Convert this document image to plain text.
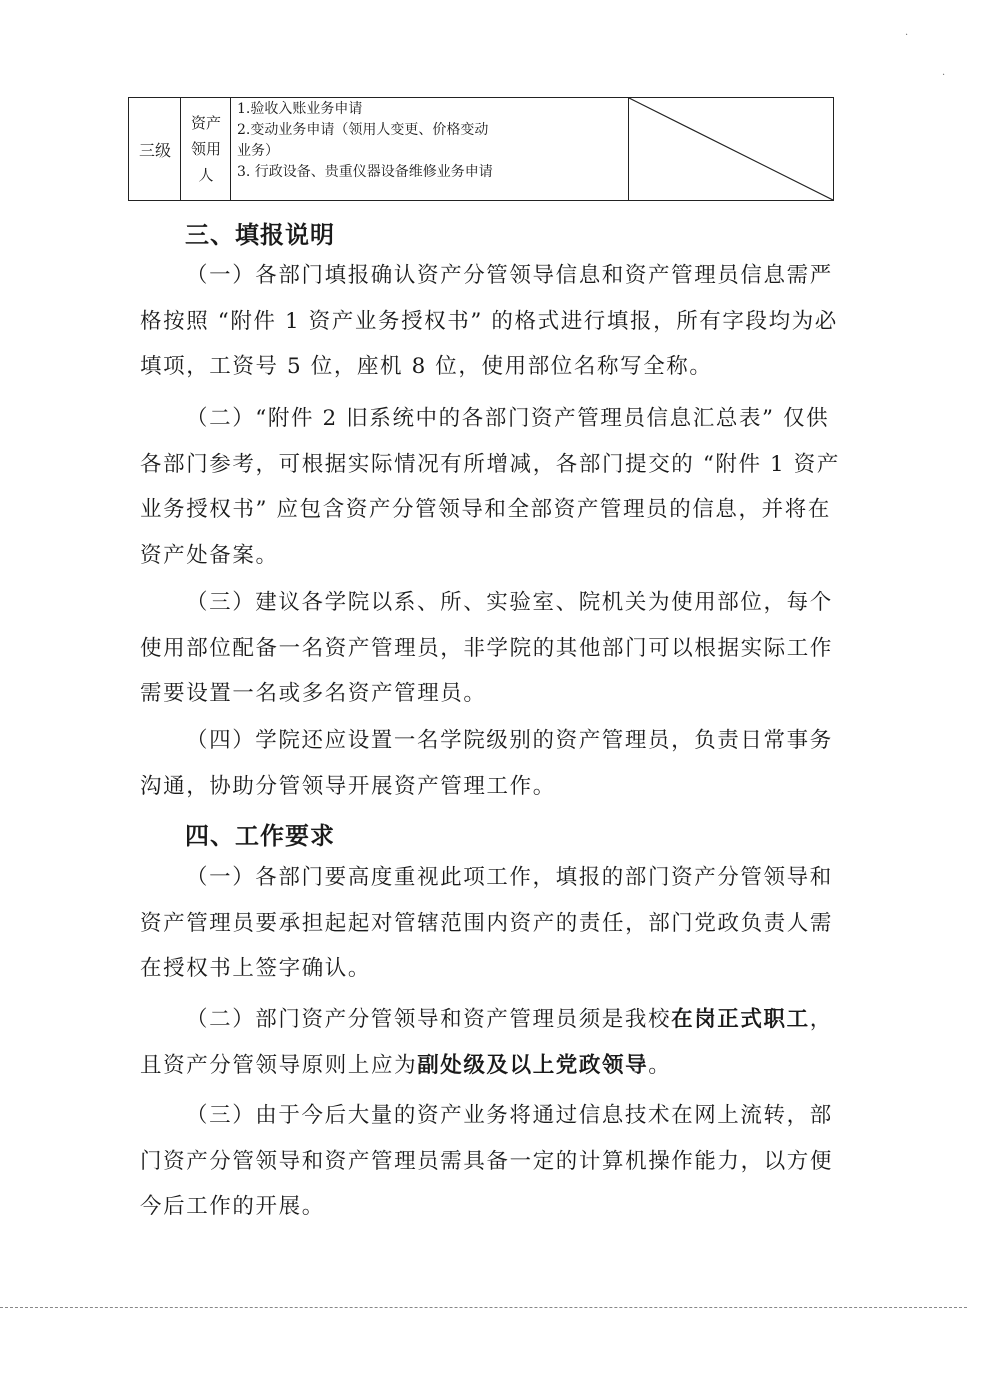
三级
资产
领用
人
1.验收入账业务申请
2.变动业务申请（领用人变更、价格变动
业务）
3. 行政设备、贵重仪器设备维修业务申请
三、填报说明
（一）各部门填报确认资产分管领导信息和资产管理员信息需严
格按照 “附件 1 资产业务授权书” 的格式进行填报，所有字段均为必
填项，工资号 5 位，座机 8 位，使用部位名称写全称。
（二）“附件 2 旧系统中的各部门资产管理员信息汇总表” 仅供
各部门参考，可根据实际情况有所增减，各部门提交的 “附件 1 资产
业务授权书” 应包含资产分管领导和全部资产管理员的信息，并将在
资产处备案。
（三）建议各学院以系、所、实验室、院机关为使用部位，每个
使用部位配备一名资产管理员，非学院的其他部门可以根据实际工作
需要设置一名或多名资产管理员。
（四）学院还应设置一名学院级别的资产管理员，负责日常事务
沟通，协助分管领导开展资产管理工作。
四、工作要求
（一）各部门要高度重视此项工作，填报的部门资产分管领导和
资产管理员要承担起起对管辖范围内资产的责任，部门党政负责人需
在授权书上签字确认。
（二）部门资产分管领导和资产管理员须是我校在岗正式职工，
且资产分管领导原则上应为副处级及以上党政领导。
（三）由于今后大量的资产业务将通过信息技术在网上流转，部
门资产分管领导和资产管理员需具备一定的计算机操作能力，以方便
今后工作的开展。
·
·
